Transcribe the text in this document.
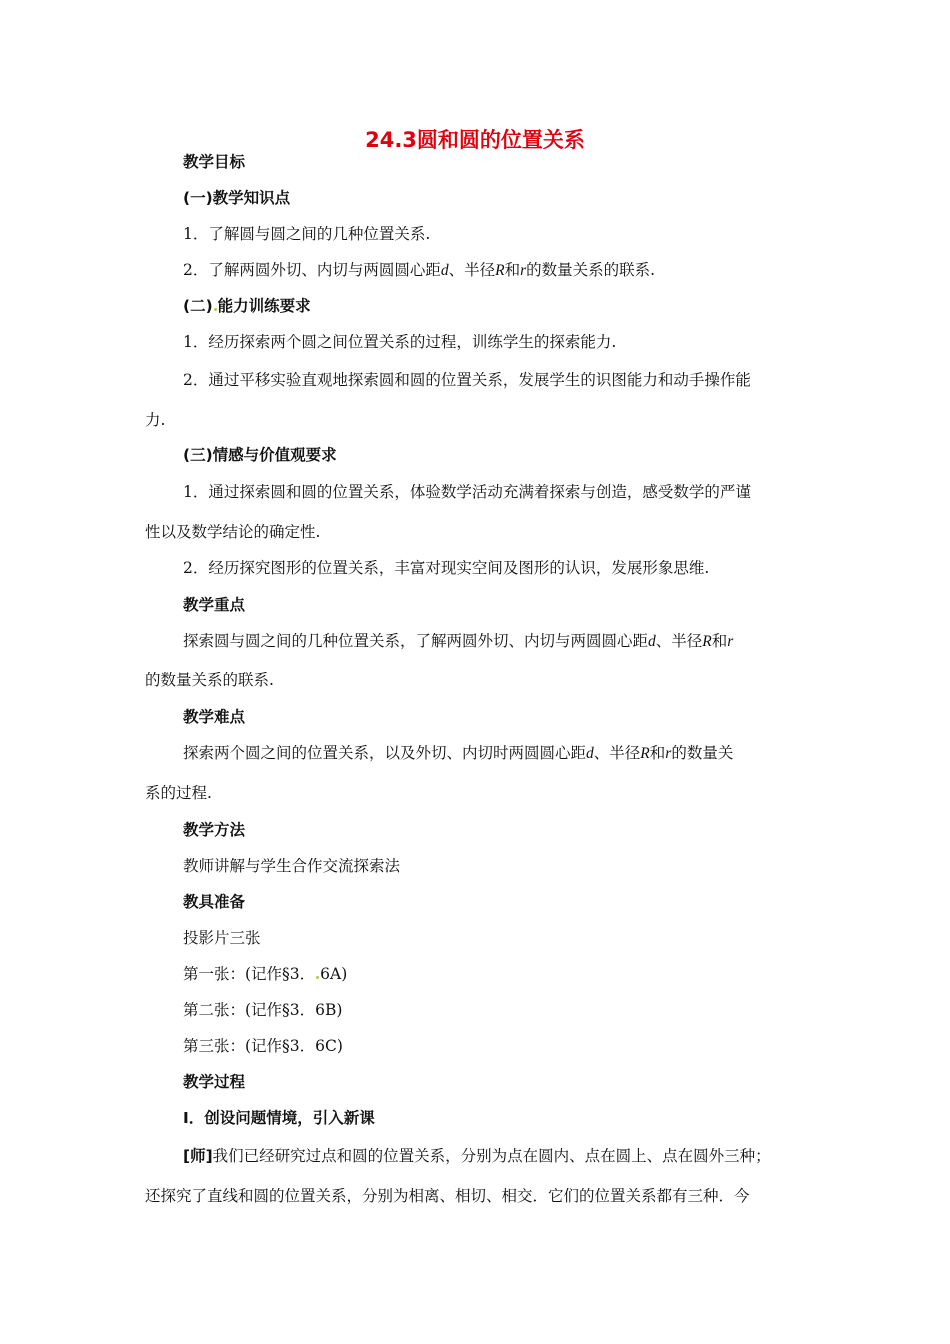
24.3圆和圆的位置关系
教学目标
(一)教学知识点
1．了解圆与圆之间的几种位置关系.
2．了解两圆外切、内切与两圆圆心距d、半径R和r的数量关系的联系.
(二) 能力训练要求
1．经历探索两个圆之间位置关系的过程，训练学生的探索能力.
2．通过平移实验直观地探索圆和圆的位置关系，发展学生的识图能力和动手操作能
力.
(三)情感与价值观要求
1．通过探索圆和圆的位置关系，体验数学活动充满着探索与创造，感受数学的严谨
性以及数学结论的确定性.
2．经历探究图形的位置关系，丰富对现实空间及图形的认识，发展形象思维.
教学重点
探索圆与圆之间的几种位置关系，了解两圆外切、内切与两圆圆心距d、半径R和r
的数量关系的联系.
教学难点
探索两个圆之间的位置关系，以及外切、内切时两圆圆心距d、半径R和r的数量关
系的过程.
教学方法
教师讲解与学生合作交流探索法
教具准备
投影片三张
第一张：(记作§3． 6A)
第二张：(记作§3．6B)
第三张：(记作§3．6C)
教学过程
Ⅰ．创设问题情境，引入新课
[师]我们已经研究过点和圆的位置关系，分别为点在圆内、点在圆上、点在圆外三种；
还探究了直线和圆的位置关系，分别为相离、相切、相交．它们的位置关系都有三种．今
